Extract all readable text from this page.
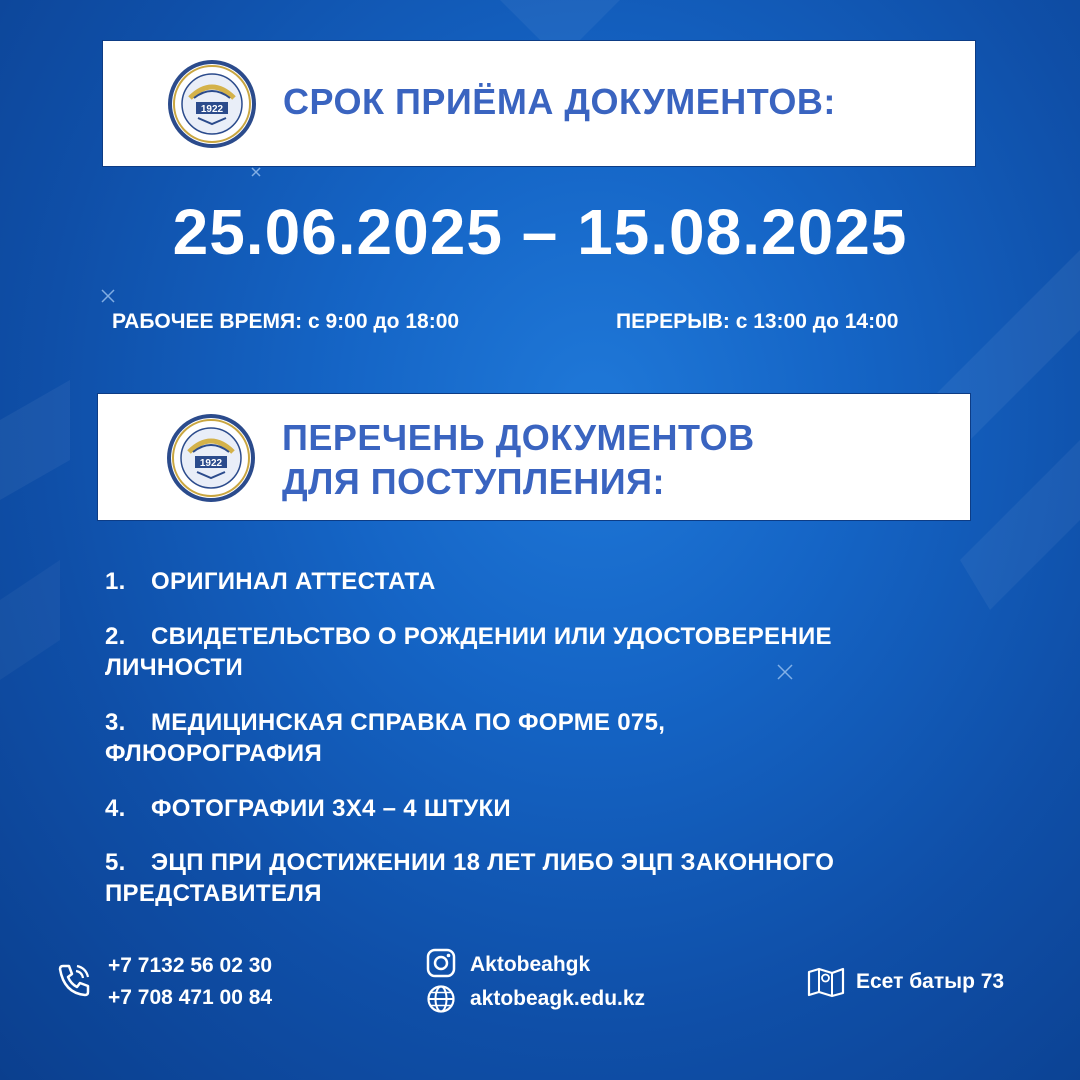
1922 СРОК ПРИЁМА ДОКУМЕНТОВ:
25.06.2025 – 15.08.2025
РАБОЧЕЕ ВРЕМЯ: с 9:00 до 18:00	ПЕРЕРЫВ: с 13:00 до 14:00
1922
ПЕРЕЧЕНЬ ДОКУМЕНТОВ
ДЛЯ ПОСТУПЛЕНИЯ:
1. ОРИГИНАЛ АТТЕСТАТА
2. СВИДЕТЕЛЬСТВО О РОЖДЕНИИ ИЛИ УДОСТОВЕРЕНИЕ
ЛИЧНОСТИ
3. МЕДИЦИНСКАЯ СПРАВКА ПО ФОРМЕ 075,
ФЛЮОРОГРАФИЯ
4. ФОТОГРАФИИ 3Х4 – 4 ШТУКИ
5. ЭЦП ПРИ ДОСТИЖЕНИИ 18 ЛЕТ ЛИБО ЭЦП ЗАКОННОГО
ПРЕДСТАВИТЕЛЯ
+7 7132 56 02 30
+7 708 471 00 84
Aktobeahgk
aktobeagk.edu.kz
Есет батыр 73
